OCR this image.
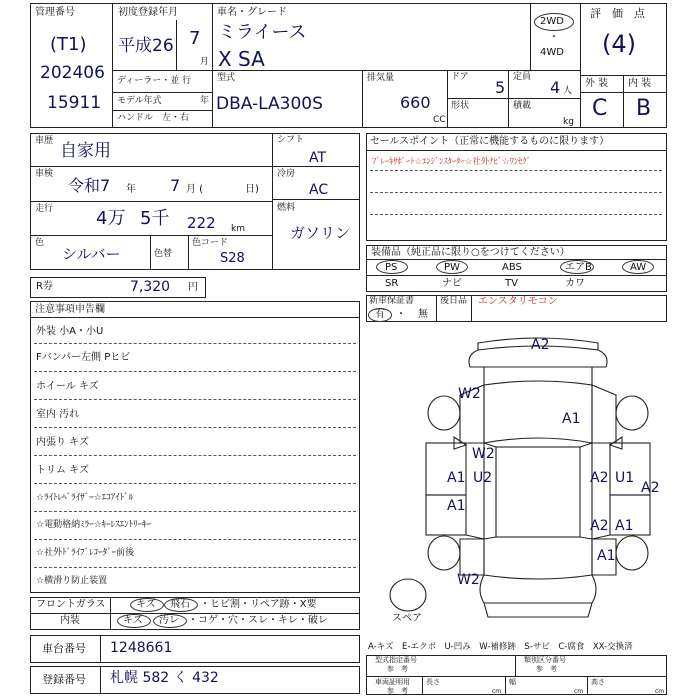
管理番号
(T1)
202406
15911
初度登録年月
平成26 7
月
ディーラー・並 行
モデル年式	年
ハンドル　左・右
車名・グレード
ミライース
X SA
2WD
・
4WD
型式
DBA-LA300S
排気量
660
CC
ドア
5
定員
4 人
形状	積載
kg
評　価　点
(4)
外 装 内 装
C B
車歴 自家用
車検
令和7 年 7 月 (	日)
走行 4万 5千 222 km
色
シルバー	色替
色コード
S28
シフト
AT
冷房
AC
燃料
ガソリン
R券	7,320 円
セールスポイント（正常に機能するものに限ります）
ﾌﾞﾚｰｷｻﾎﾟｰﾄ☆ｴﾝｼﾞﾝｽﾀｰﾀｰ☆社外ﾅﾋﾞ☆ﾜﾝｾｸﾞ
装備品（純正品に限り○をつけてください）
PS	PW	ABS	エアB	AW
SR	ナビ	TV	カワ
新車保証書
有 ・ 無
後日品 エンスタリモコン
注意事項申告欄
外装 小A・小U
Fバンパー左側 Pヒビ
ホイール キズ
室内 汚れ
内張り キズ
トリム キズ
☆ﾗｲﾄﾚﾍﾞﾗｲｻﾞｰ☆ｴｺｱｲﾄﾞﾙ
☆電動格納ﾐﾗｰ☆ｷｰﾚｽｴﾝﾄﾘｰｷｰ
☆社外ﾄﾞﾗｲﾌﾞﾚｺｰﾀﾞｰ前後
☆横滑り防止装置
フロントガラス
内装
キズ 飛石 ・ヒビ割・リペア跡・X要
キズ 汚レ ・コゲ・穴・スレ・キレ・破レ
A2
W2
A1
W2
A1 U2
A1
A2 U1
A2
A2 A1
A1
W2
スペア
車台番号 1248661
登録番号 札幌 582 く 432
A-キズ　E-エクボ　U-凹み　W-補修跡　S-サビ　C-腐食　XX-交換済
型式指定番号
参　考
類別区分番号
参　考
車両証明用
参　考
長さ
cm
幅
cm
高さ
cm
